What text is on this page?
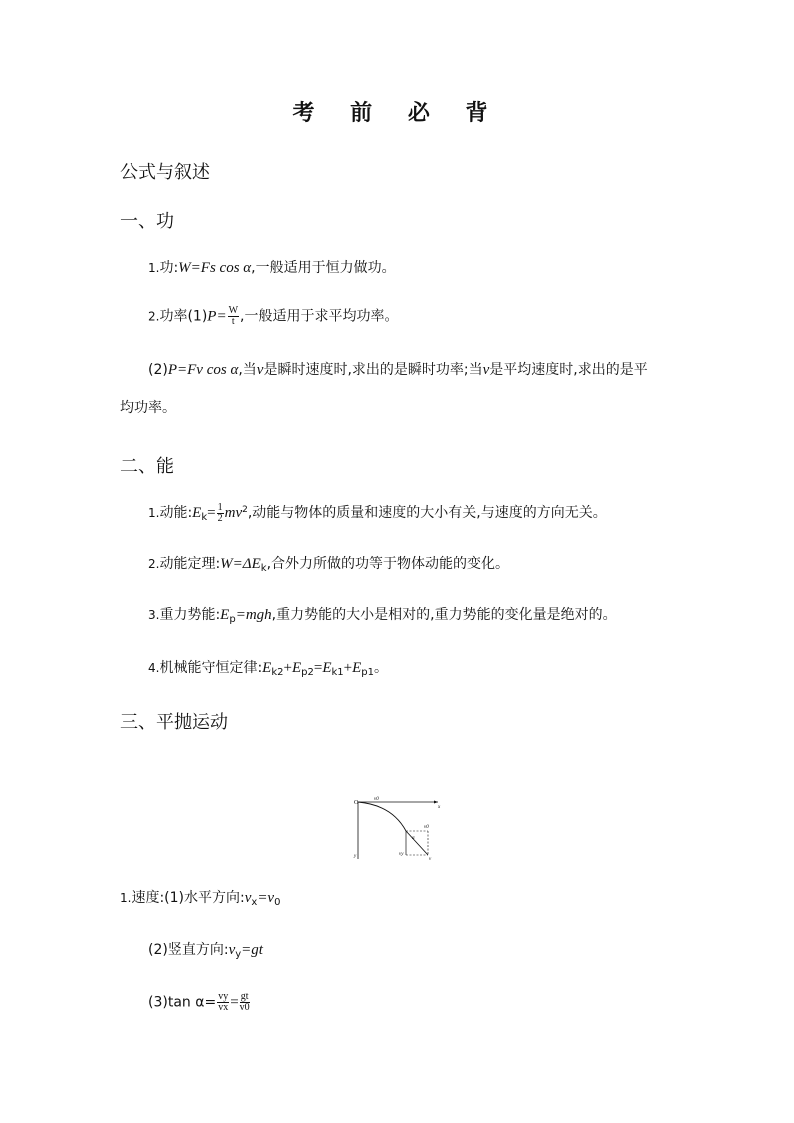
考 前 必 背
公式与叙述
一、功
1.功:W=Fs cos α,一般适用于恒力做功。
2.功率$(1)P= \frac{W}{t}$ ,一般适用于求平均功率。
(2)P=Fv cos α,当v是瞬时速度时,求出的是瞬时功率;当v是平均速度时,求出的是平
均功率。
二、能
1.动能$:E_k= \frac{1}{2} mv^2$,动能与物体的质量和速度的大小有关,与速度的方向无关。
2.动能定理$:W=\Delta E_k$,合外力所做的功等于物体动能的变化。
3.重力势能$:E_p=mgh$,重力势能的大小是相对的,重力势能的变化量是绝对的。
4.机械能守恒定律$:E_{k2}+E_{p2}=E_{k1}+E_{p1}$。
三、平抛运动
O
x
y
v0
v0
α
vy
v
1.速度:(1)水平方向$:v_x=v_0$
(2)竖直方向$:v_y=gt$
(3)tan $\alpha= \frac{vy}{vx} = \frac{gt}{v0}$
